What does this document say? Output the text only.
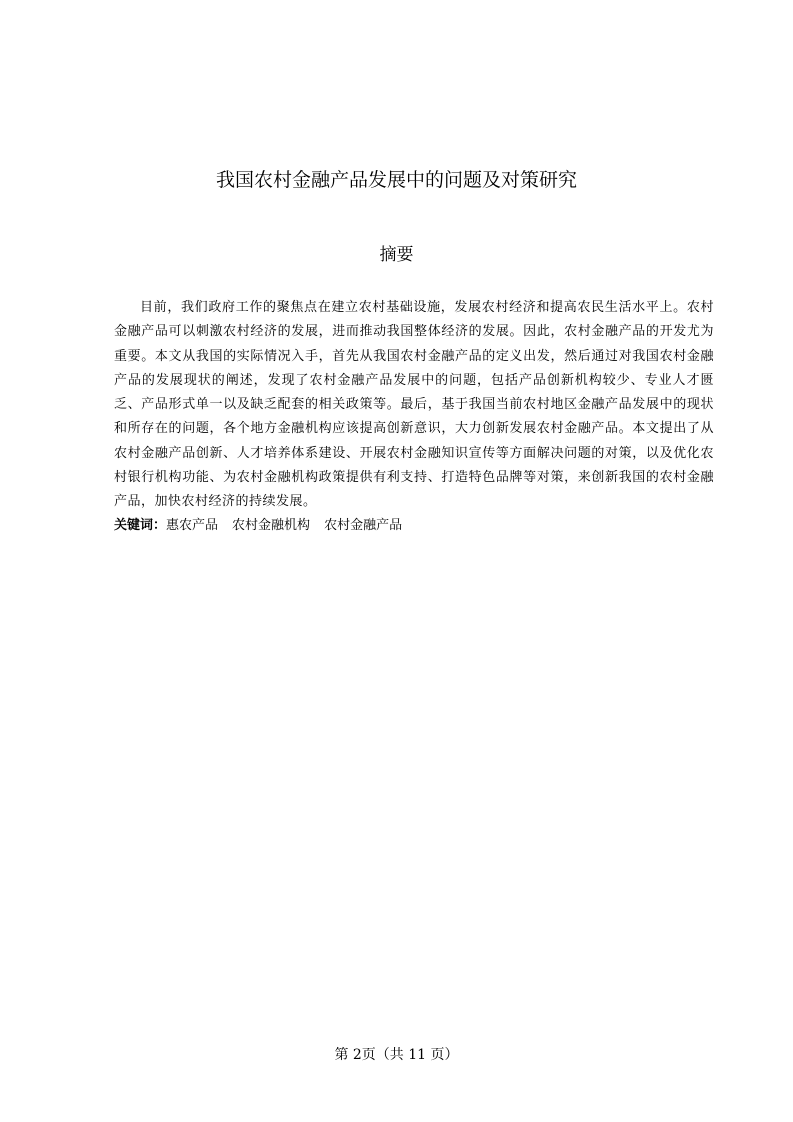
我国农村金融产品发展中的问题及对策研究
摘要

目前，我们政府工作的聚焦点在建立农村基础设施，发展农村经济和提高农民生活水平上。农村金融产品可以刺激农村经济的发展，进而推动我国整体经济的发展。因此，农村金融产品的开发尤为重要。本文从我国的实际情况入手，首先从我国农村金融产品的定义出发，然后通过对我国农村金融产品的发展现状的阐述，发现了农村金融产品发展中的问题，包括产品创新机构较少、专业人才匮乏、产品形式单一以及缺乏配套的相关政策等。最后，基于我国当前农村地区金融产品发展中的现状和所存在的问题，各个地方金融机构应该提高创新意识，大力创新发展农村金融产品。本文提出了从农村金融产品创新、人才培养体系建设、开展农村金融知识宣传等方面解决问题的对策，以及优化农村银行机构功能、为农村金融机构政策提供有利支持、打造特色品牌等对策，来创新我国的农村金融产品，加快农村经济的持续发展。

关键词：惠农产品 农村金融机构 农村金融产品

第 2页（共 11 页）
